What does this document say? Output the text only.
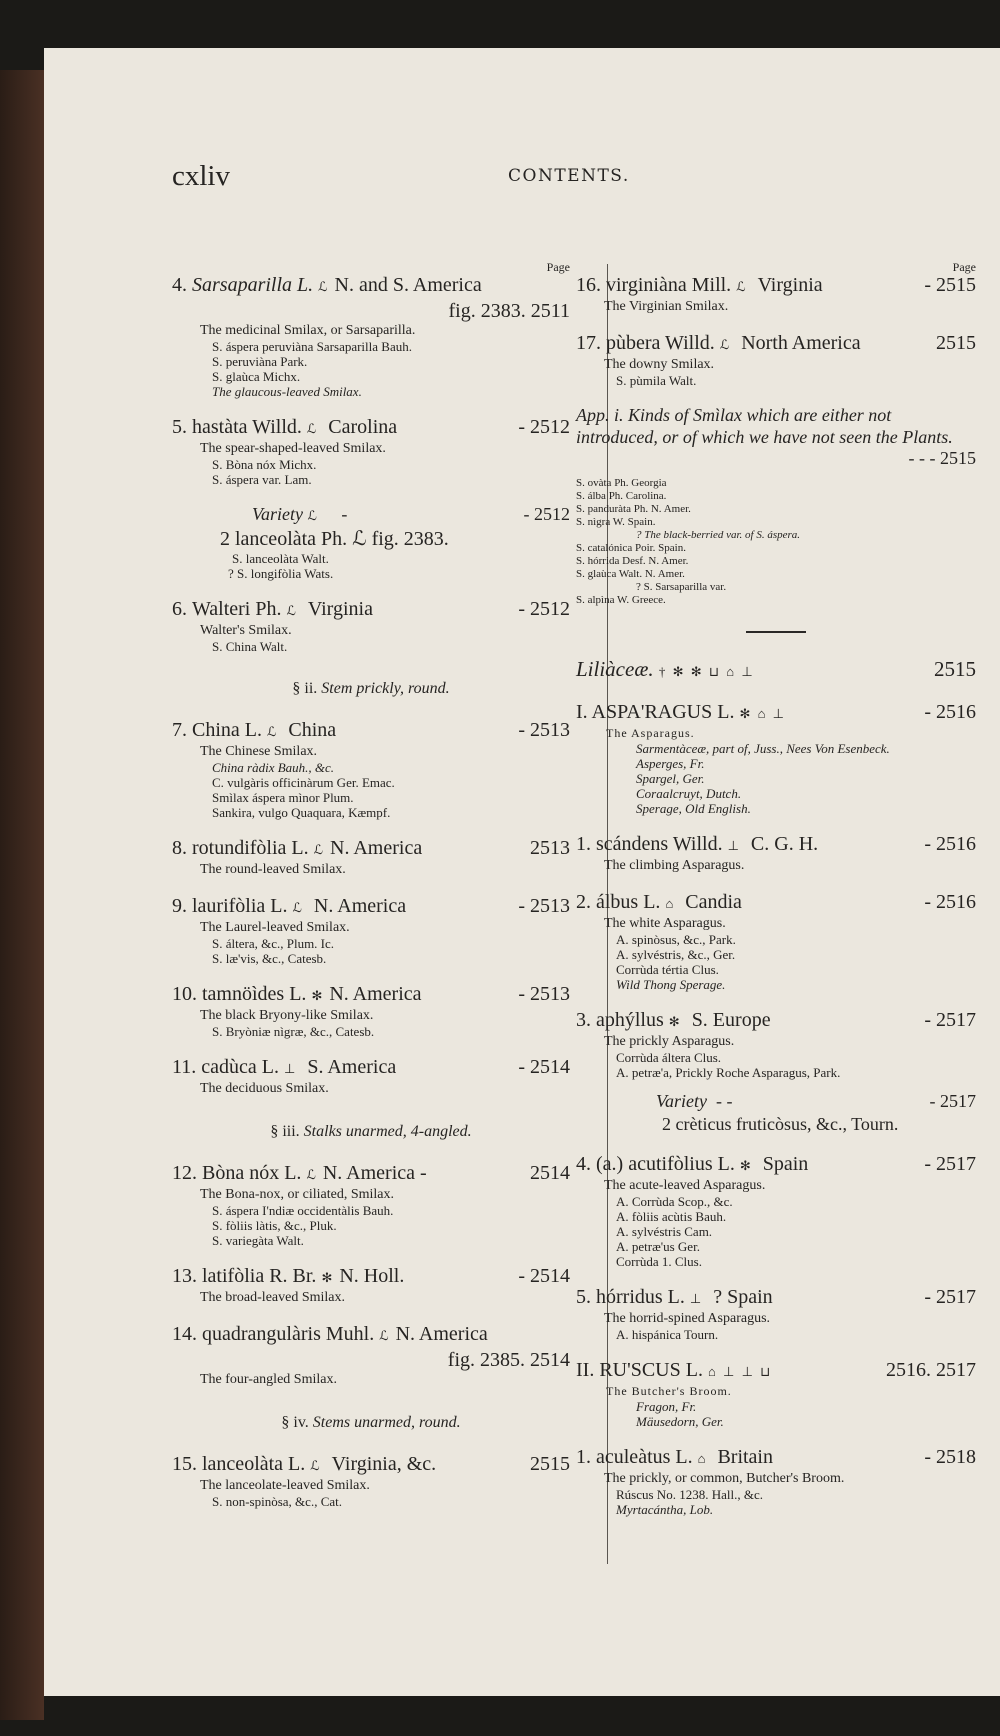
cxliv	CONTENTS.
Page
4. Sarsaparilla L. ℒ N. and S. America
fig. 2383. 2511
The medicinal Smilax, or Sarsaparilla.
S. áspera peruviàna Sarsaparilla Bauh.
S. peruviàna Park.
S. glaùca Michx.
The glaucous-leaved Smilax.
5. hastàta Willd. ℒ Carolina	- 2512
The spear-shaped-leaved Smilax.
S. Bòna nóx Michx.
S. áspera var. Lam.
Variety ℒ -	- 2512
2 lanceolàta Ph. ℒ fig. 2383.
S. lanceolàta Walt.
? S. longifòlia Wats.
6. Walteri Ph. ℒ Virginia	- 2512
Walter's Smilax.
S. China Walt.
§ ii. Stem prickly, round.
7. China L. ℒ China	- 2513
The Chinese Smilax.
China ràdix Bauh., &c.
C. vulgàris officinàrum Ger. Emac.
Smìlax áspera mìnor Plum.
Sankira, vulgo Quaquara, Kæmpf.
8. rotundifòlia L. ℒ N. America	2513
The round-leaved Smilax.
9. laurifòlia L. ℒ N. America	- 2513
The Laurel-leaved Smilax.
S. áltera, &c., Plum. Ic.
S. læ'vis, &c., Catesb.
10. tamnöìdes L. ✻ N. America	- 2513
The black Bryony-like Smilax.
S. Bryòniæ nìgræ, &c., Catesb.
11. cadùca L. ⊥ S. America	- 2514
The deciduous Smilax.
§ iii. Stalks unarmed, 4-angled.
12. Bòna nóx L. ℒ N. America -	2514
The Bona-nox, or ciliated, Smilax.
S. áspera I'ndiæ occidentàlis Bauh.
S. fòliis làtis, &c., Pluk.
S. variegàta Walt.
13. latifòlia R. Br. ✻ N. Holl.	- 2514
The broad-leaved Smilax.
14. quadrangulàris Muhl. ℒ N. America
fig. 2385. 2514
The four-angled Smilax.
§ iv. Stems unarmed, round.
15. lanceolàta L. ℒ Virginia, &c.	2515
The lanceolate-leaved Smilax.
S. non-spinòsa, &c., Cat.
Page
16. virginiàna Mill. ℒ Virginia	- 2515
The Virginian Smilax.
17. pùbera Willd. ℒ North America	2515
The downy Smilax.
S. pùmila Walt.
App. i. Kinds of Smìlax which are either not introduced, or of which we have not seen the Plants.
- - - 2515
S. ovàta Ph. Georgia
S. álba Ph. Carolina.
S. panduràta Ph. N. Amer.
S. nìgra W. Spain.
? The black-berried var. of S. áspera.
S. catalónica Poir. Spain.
S. hórrida Desf. N. Amer.
S. glaùca Walt. N. Amer.
? S. Sarsaparilla var.
S. alpìna W. Greece.
Liliàceæ. † ✻ ✻ ⊔ ⌂ ⊥	2515
I. ASPA'RAGUS L. ✻ ⌂ ⊥	- 2516
The Asparagus.
Sarmentàceæ, part of, Juss., Nees Von Esenbeck.
Asperges, Fr.
Spargel, Ger.
Coraalcruyt, Dutch.
Sperage, Old English.
1. scándens Willd. ⊥ C. G. H.	- 2516
The climbing Asparagus.
2. álbus L. ⌂ Candia	- 2516
The white Asparagus.
A. spinòsus, &c., Park.
A. sylvéstris, &c., Ger.
Corrùda tértia Clus.
Wild Thong Sperage.
3. aphýllus ✻ S. Europe	- 2517
The prickly Asparagus.
Corrùda áltera Clus.
A. petræ'a, Prickly Roche Asparagus, Park.
Variety - -	- 2517
2 crèticus fruticòsus, &c., Tourn.
4. (a.) acutifòlius L. ✻ Spain	- 2517
The acute-leaved Asparagus.
A. Corrùda Scop., &c.
A. fòliis acùtis Bauh.
A. sylvéstris Cam.
A. petræ'us Ger.
Corrùda 1. Clus.
5. hórridus L. ⊥ ? Spain	- 2517
The horrid-spined Asparagus.
A. hispánica Tourn.
II. RU'SCUS L. ⌂ ⊥ ⊥ ⊔	2516. 2517
The Butcher's Broom.
Fragon, Fr.
Mäusedorn, Ger.
1. aculeàtus L. ⌂ Britain	- 2518
The prickly, or common, Butcher's Broom.
Rúscus No. 1238. Hall., &c.
Myrtacántha, Lob.
